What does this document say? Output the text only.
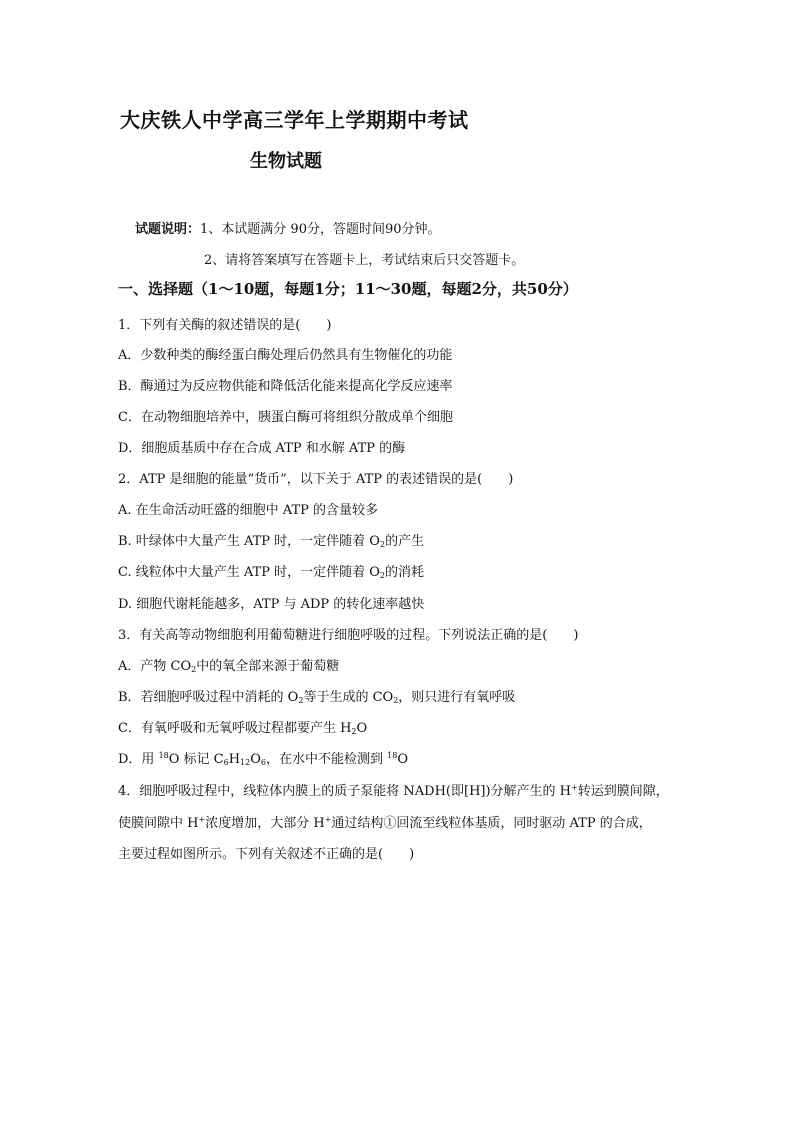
大庆铁人中学高三学年上学期期中考试
生物试题
试题说明：1、本试题满分 90分，答题时间90分钟。
2、请将答案填写在答题卡上，考试结束后只交答题卡。
一、选择题（1～10题，每题1分；11～30题，每题2分，共50分）
1．下列有关酶的叙述错误的是(　　)
A．少数种类的酶经蛋白酶处理后仍然具有生物催化的功能
B．酶通过为反应物供能和降低活化能来提高化学反应速率
C．在动物细胞培养中，胰蛋白酶可将组织分散成单个细胞
D．细胞质基质中存在合成 ATP 和水解 ATP 的酶
2．ATP 是细胞的能量“货币”，以下关于 ATP 的表述错误的是(　　)
A. 在生命活动旺盛的细胞中 ATP 的含量较多
B. 叶绿体中大量产生 ATP 时，一定伴随着 $O_2$的产生
C. 线粒体中大量产生 ATP 时，一定伴随着 $O_2$的消耗
D. 细胞代谢耗能越多，ATP 与 ADP 的转化速率越快
3．有关高等动物细胞利用葡萄糖进行细胞呼吸的过程。下列说法正确的是(　　)
A．产物 $CO_2$中的氧全部来源于葡萄糖
B．若细胞呼吸过程中消耗的 $O_2$等于生成的 $CO_2$，则只进行有氧呼吸
C．有氧呼吸和无氧呼吸过程都要产生 $H_2O$
D．用 $^{18}$O 标记 $C_6H_{12}O_6$，在水中不能检测到 $^{18}$O
4．细胞呼吸过程中，线粒体内膜上的质子泵能将 NADH(即[H])分解产生的 H+转运到膜间隙，
使膜间隙中 H+浓度增加，大部分 H+通过结构①回流至线粒体基质，同时驱动 ATP 的合成，
主要过程如图所示。下列有关叙述不正确的是(　　)
